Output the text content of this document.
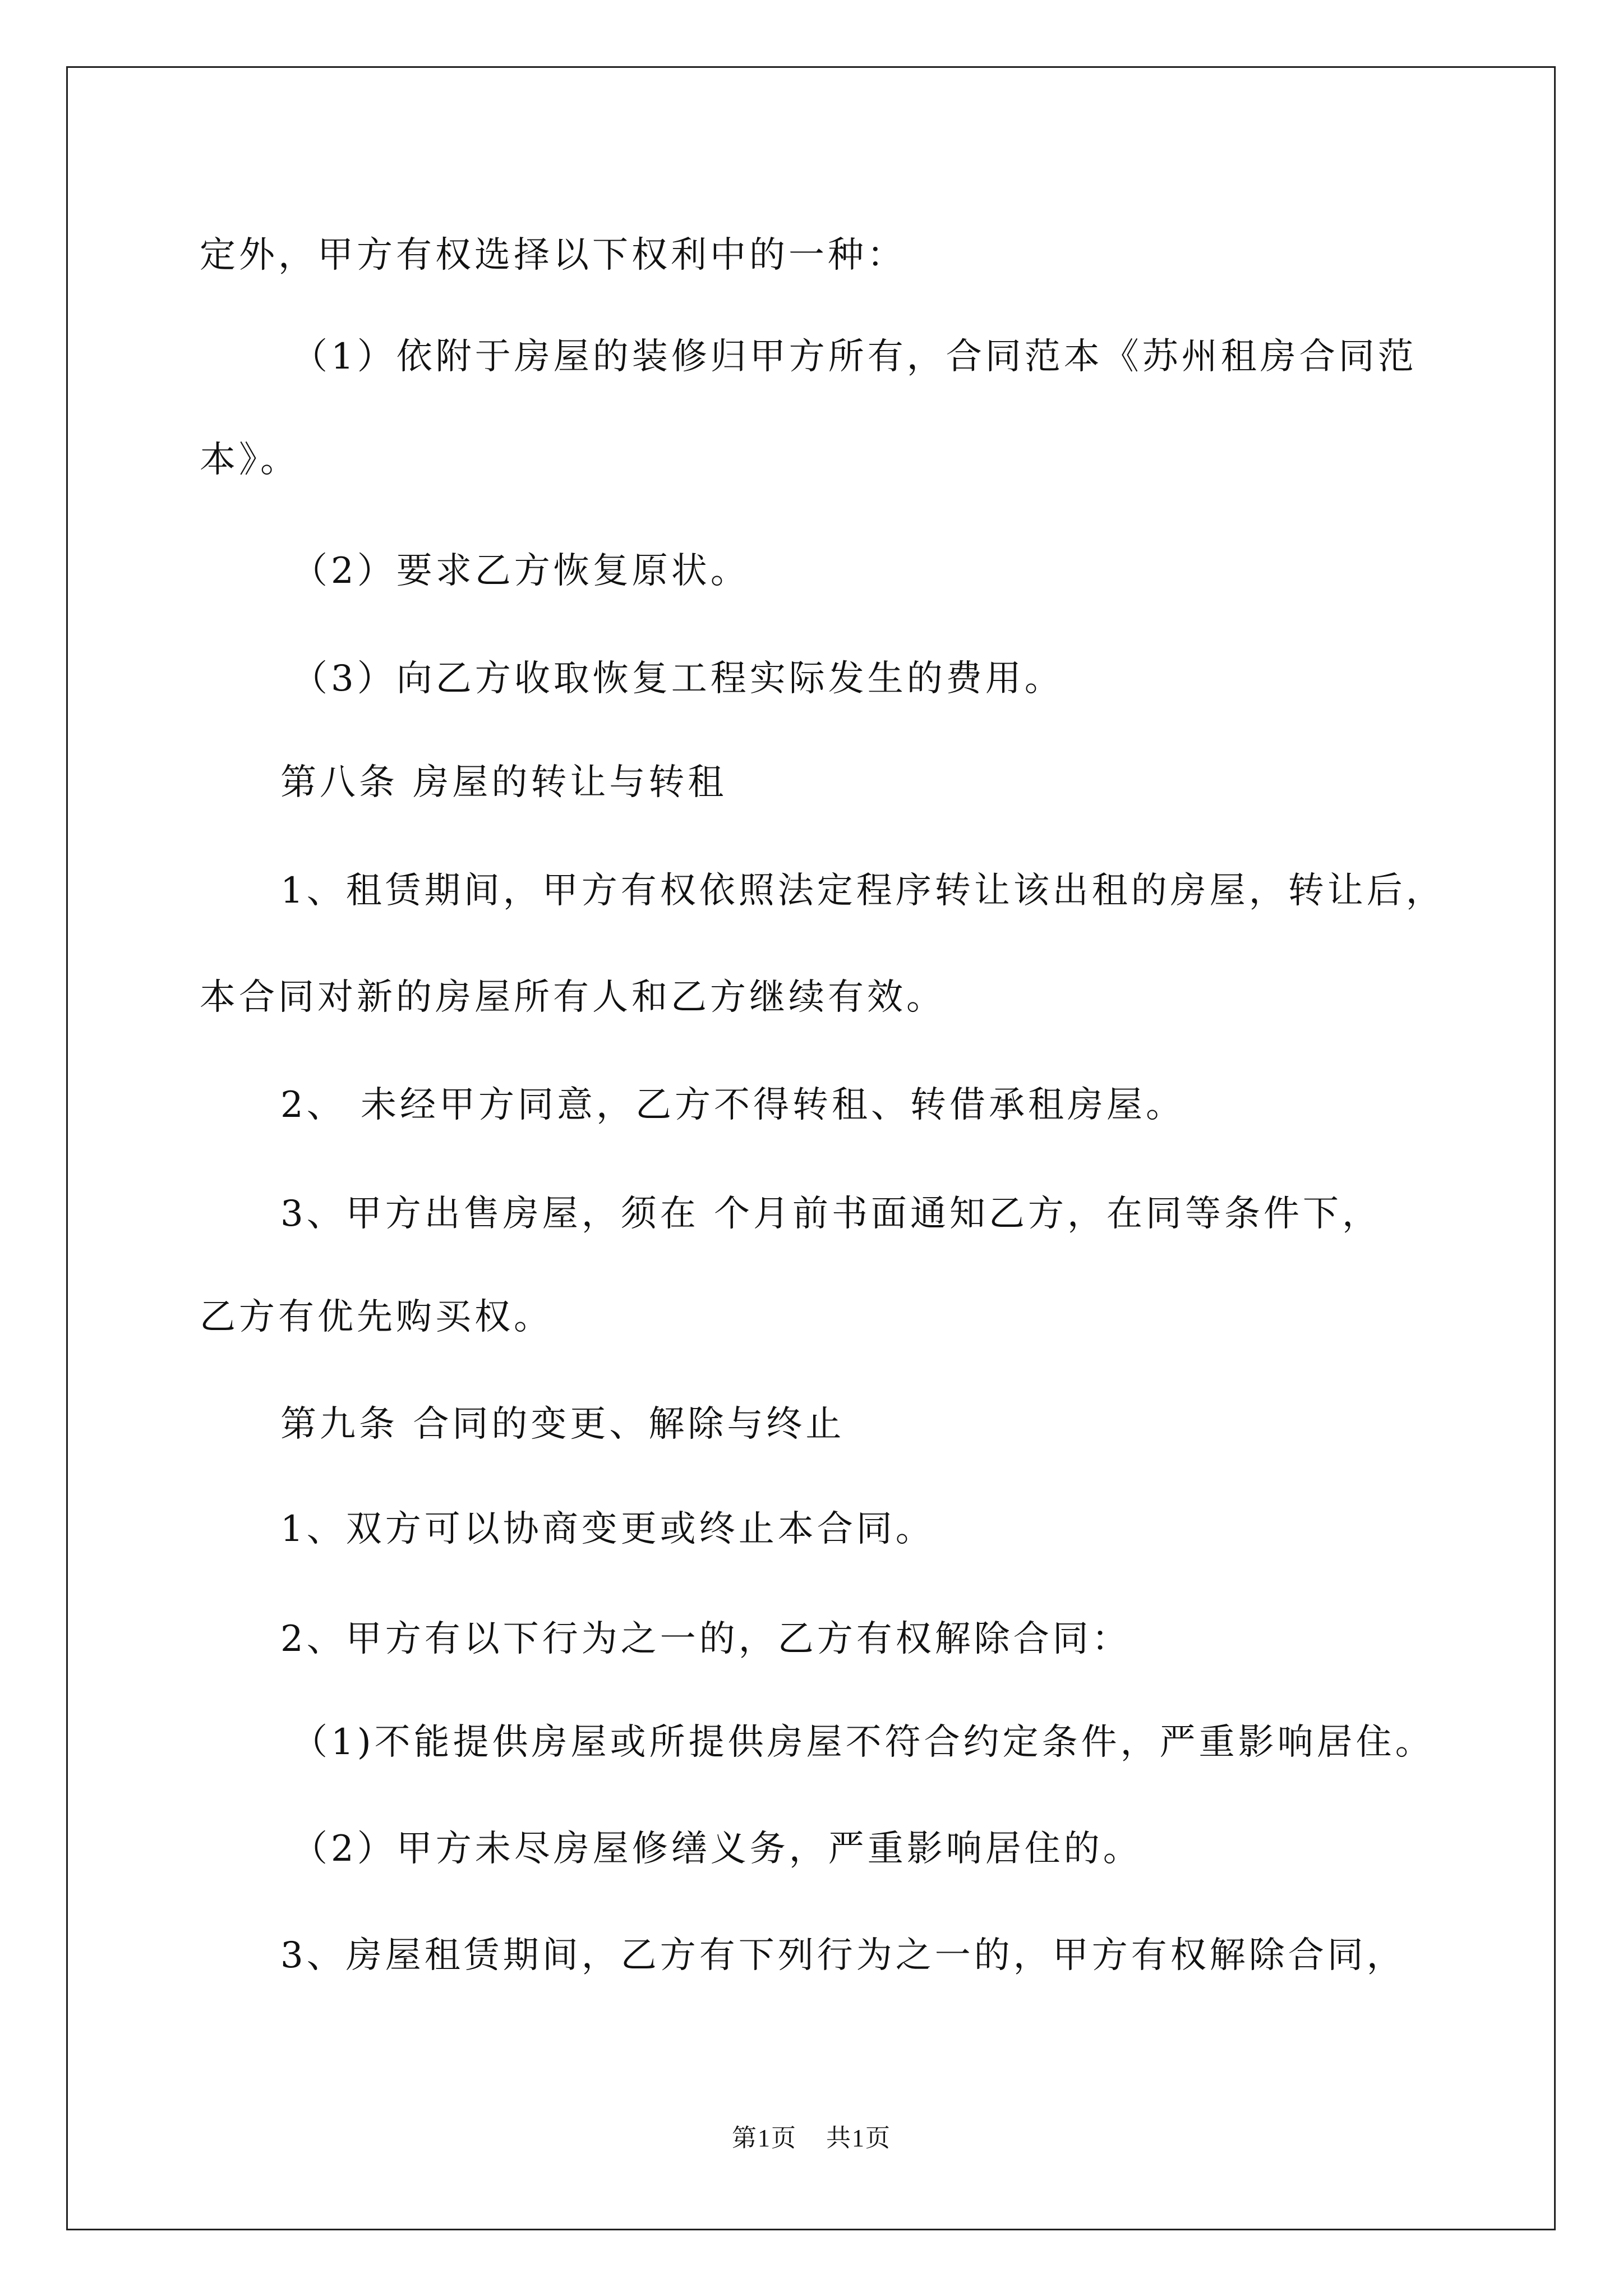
定外，甲方有权选择以下权利中的一种：
（1）依附于房屋的装修归甲方所有，合同范本《苏州租房合同范
本》。
（2）要求乙方恢复原状。
（3）向乙方收取恢复工程实际发生的费用。
第八条 房屋的转让与转租
1、租赁期间，甲方有权依照法定程序转让该出租的房屋，转让后，
本合同对新的房屋所有人和乙方继续有效。
2、 未经甲方同意，乙方不得转租、转借承租房屋。
3、甲方出售房屋，须在 个月前书面通知乙方，在同等条件下，
乙方有优先购买权。
第九条 合同的变更、解除与终止
1、双方可以协商变更或终止本合同。
2、甲方有以下行为之一的，乙方有权解除合同：
（1)不能提供房屋或所提供房屋不符合约定条件，严重影响居住。
（2）甲方未尽房屋修缮义务，严重影响居住的。
3、房屋租赁期间，乙方有下列行为之一的，甲方有权解除合同，
第1页 共1页
